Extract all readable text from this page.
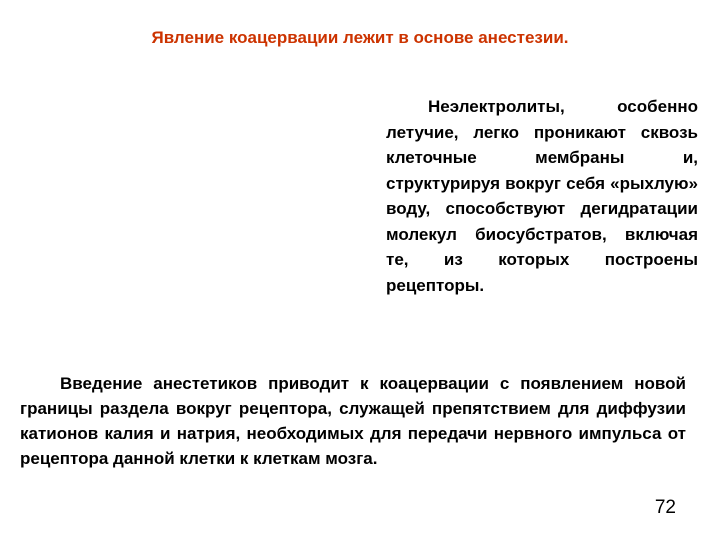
Явление коацервации лежит в основе анестезии.

Неэлектролиты, особенно летучие, легко проникают сквозь клеточные мембраны и, структурируя вокруг себя «рыхлую» воду, способствуют дегидратации молекул биосубстратов, включая те, из которых построены рецепторы.

Введение анестетиков приводит к коацервации с появлением новой границы раздела вокруг рецептора, служащей препятствием для диффузии катионов калия и натрия, необходимых для передачи нервного импульса от рецептора данной клетки к клеткам мозга.

72
